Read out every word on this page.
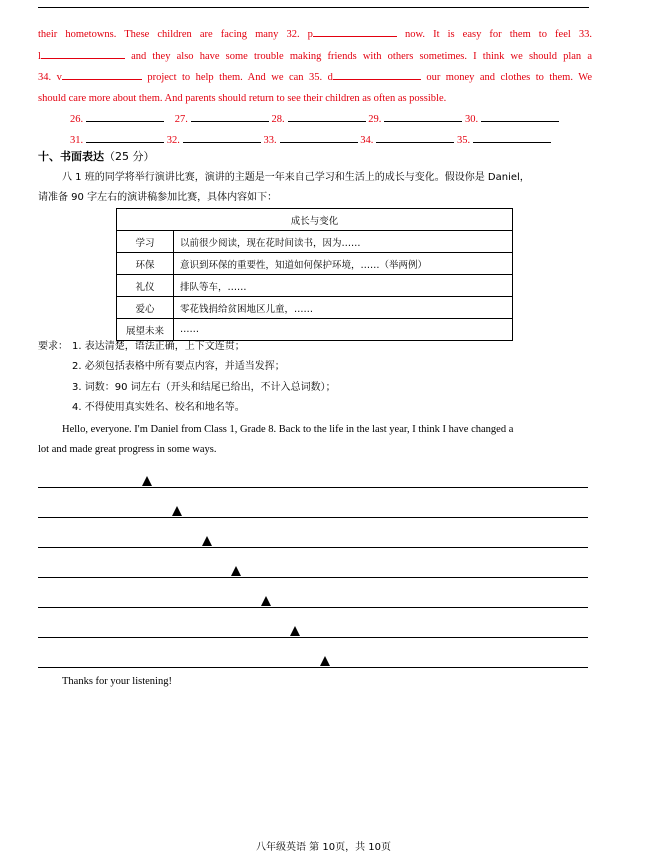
their hometowns. These children are facing many 32. p	now. It is easy for them to feel 33.
l	and they also have some trouble making friends with others sometimes. I think we should plan a
34. v	project to help them. And we can 35. d	our money and clothes to them. We
should care more about them. And parents should return to see their children as often as possible.
26.	27.	28.	29.	30.
31.	32.	33.	34.	35.
十、书面表达（25 分）
八 1 班的同学将举行演讲比赛，演讲的主题是一年来自己学习和生活上的成长与变化。假设你是 Daniel，
请准备 90 字左右的演讲稿参加比赛，具体内容如下：
成长与变化	
学习	以前很少阅读，现在花时间读书，因为……
环保	意识到环保的重要性，知道如何保护环境，……（举两例）
礼仪	排队等车，……
爱心	零花钱捐给贫困地区儿童，……
展望未来	……
要求： 1. 表达清楚，语法正确，上下文连贯；
2. 必须包括表格中所有要点内容，并适当发挥；
3. 词数：90 词左右（开头和结尾已给出，不计入总词数）；
4. 不得使用真实姓名、校名和地名等。
Hello, everyone. I'm Daniel from Class 1, Grade 8. Back to the life in the last year, I think I have changed a
lot and made great progress in some ways.
Thanks for your listening!
八年级英语 第 10页，共 10页
